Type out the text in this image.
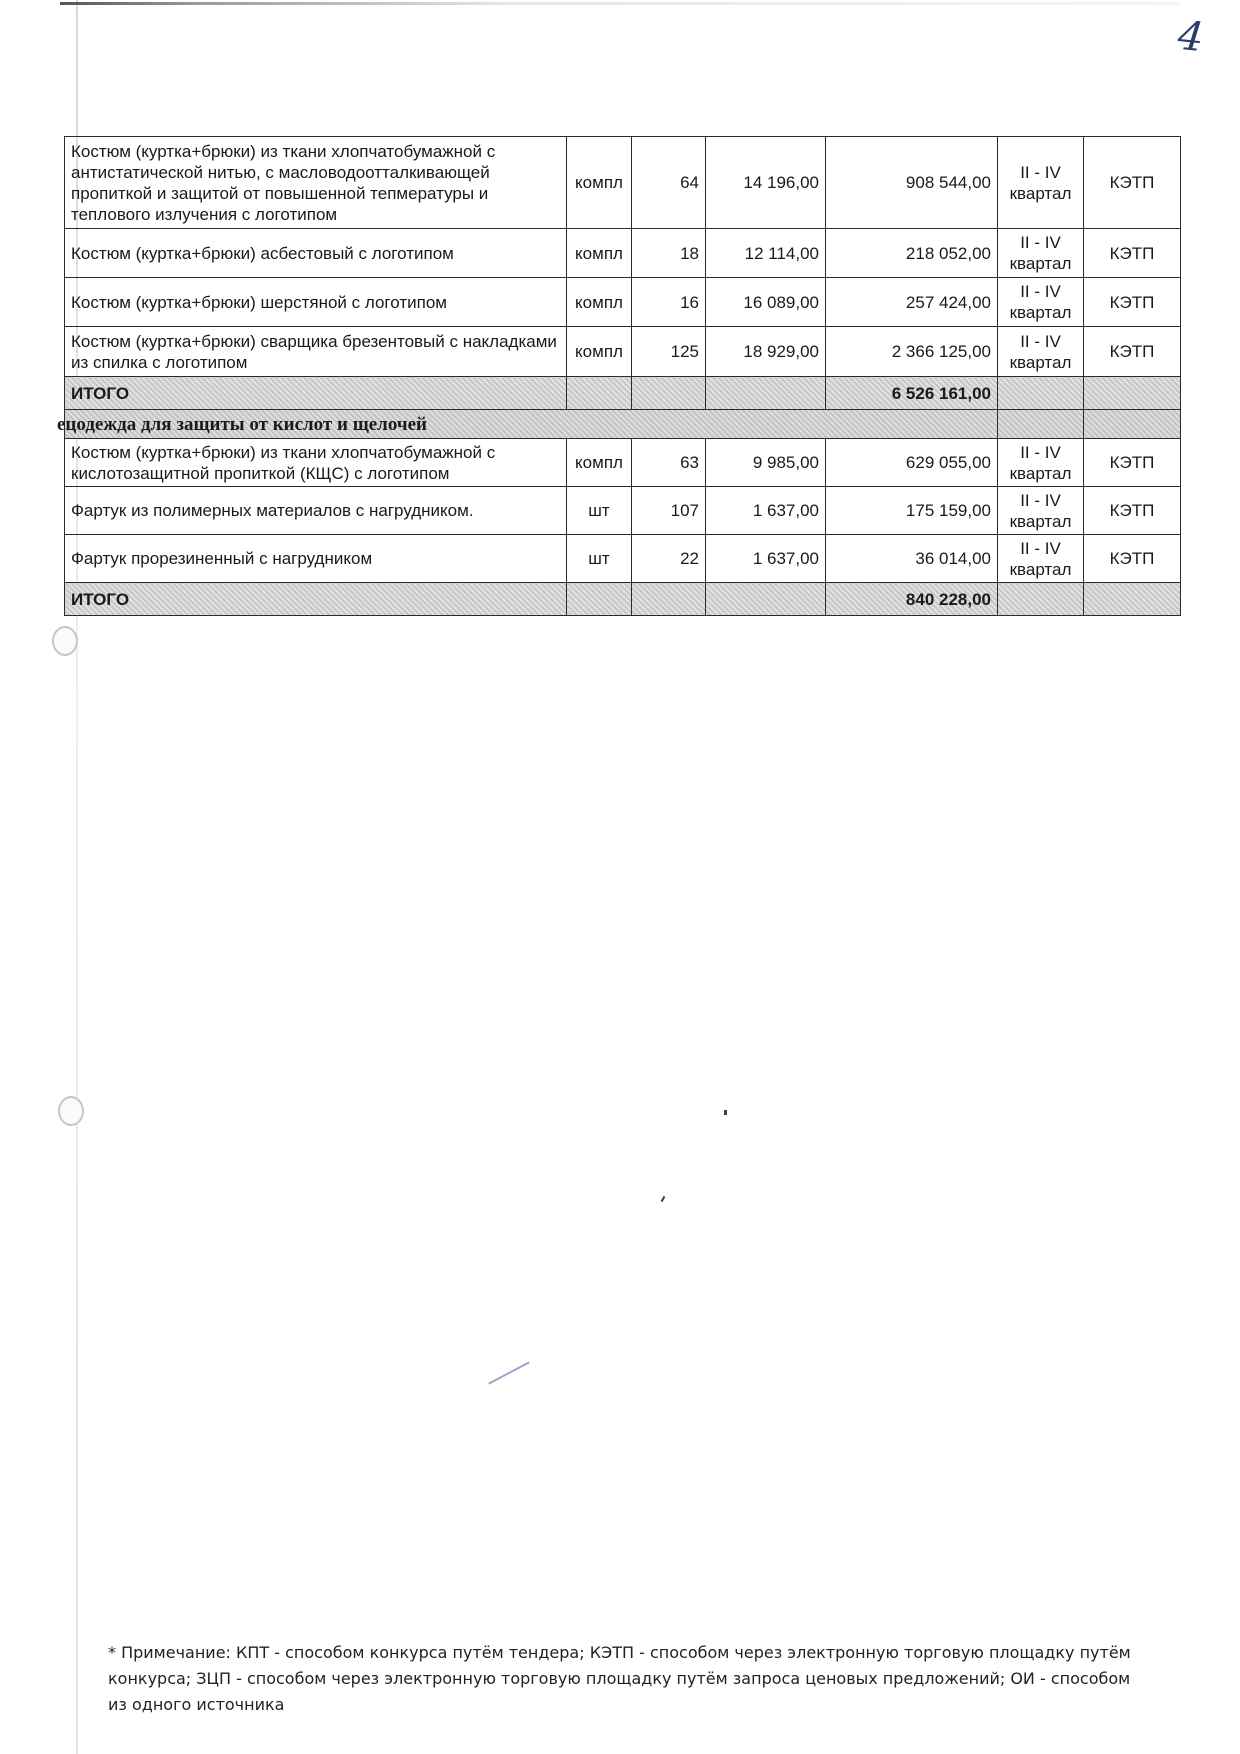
4
Костюм (куртка+брюки) из ткани хлопчатобумажной с антистатической нитью, с масловодоотталкивающей пропиткой и защитой от повышенной тепмературы и теплового излучения с логотипом	компл	64	14 196,00	908 544,00	II - IV квартал	КЭТП
Костюм (куртка+брюки) асбестовый с логотипом	компл	18	12 114,00	218 052,00	II - IV квартал	КЭТП
Костюм (куртка+брюки) шерстяной с логотипом	компл	16	16 089,00	257 424,00	II - IV квартал	КЭТП
Костюм (куртка+брюки) сварщика брезентовый с накладками из спилка с логотипом	компл	125	18 929,00	2 366 125,00	II - IV квартал	КЭТП
ИТОГО				6 526 161,00		

ецодежда для защиты от кислот и щелочей						

Костюм (куртка+брюки) из ткани хлопчатобумажной с кислотозащитной пропиткой (КЩС) с логотипом	компл	63	9 985,00	629 055,00	II - IV квартал	КЭТП
Фартук из полимерных материалов с нагрудником.	шт	107	1 637,00	175 159,00	II - IV квартал	КЭТП
Фартук прорезиненный с нагрудником	шт	22	1 637,00	36 014,00	II - IV квартал	КЭТП
ИТОГО				840 228,00		
* Примечание: КПТ - способом конкурса путём тендера; КЭТП - способом через электронную торговую площадку путём конкурса; ЗЦП - способом через электронную торговую площадку путём запроса ценовых предложений; ОИ - способом из одного источника
